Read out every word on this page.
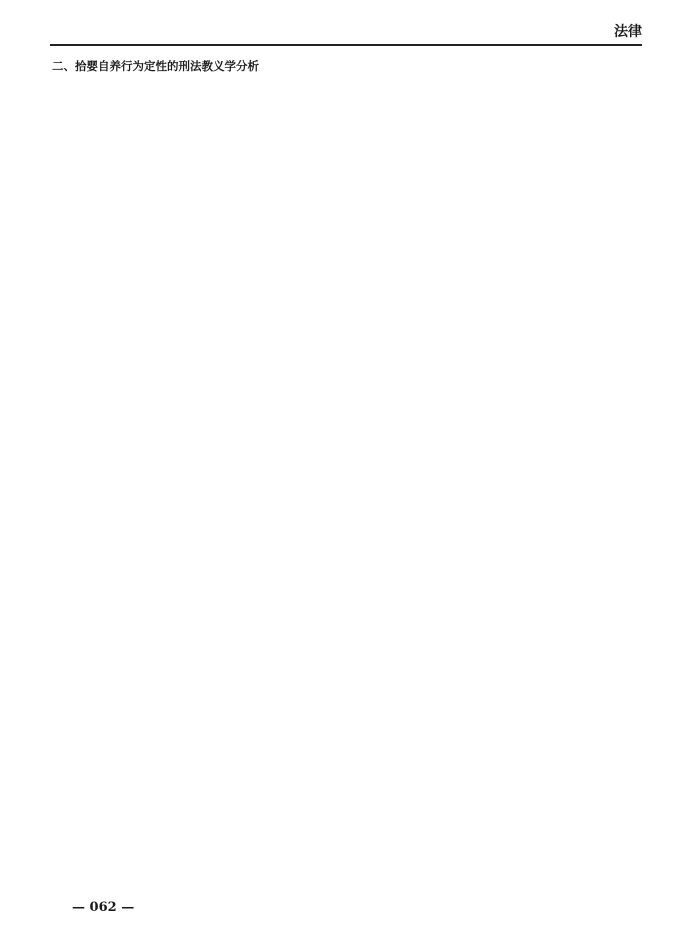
法律
二、拾婴自养行为定性的刑法教义学分析

— 062 —
